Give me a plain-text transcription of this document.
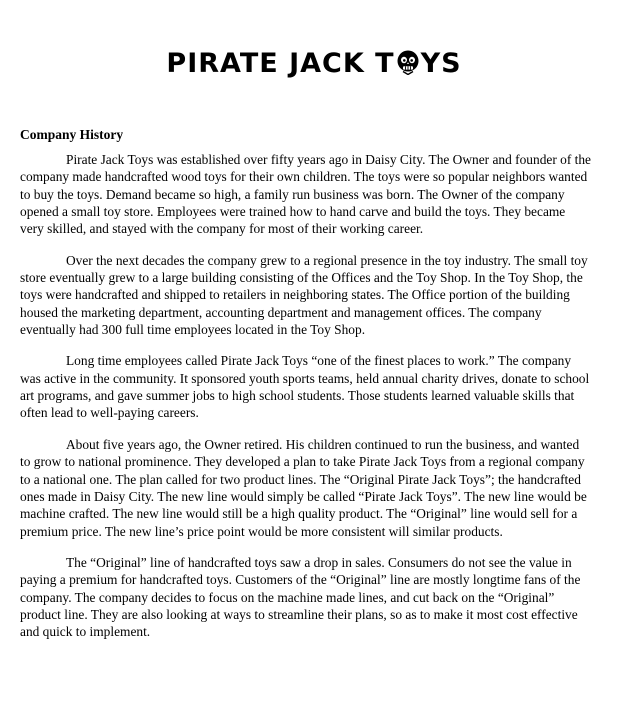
PIRATE JACK T YS
Company History

Pirate Jack Toys was established over fifty years ago in Daisy City. The Owner and founder of the company made handcrafted wood toys for their own children. The toys were so popular neighbors wanted to buy the toys. Demand became so high, a family run business was born. The Owner of the company opened a small toy store. Employees were trained how to hand carve and build the toys. They became very skilled, and stayed with the company for most of their working career.

Over the next decades the company grew to a regional presence in the toy industry. The small toy store eventually grew to a large building consisting of the Offices and the Toy Shop. In the Toy Shop, the toys were handcrafted and shipped to retailers in neighboring states. The Office portion of the building housed the marketing department, accounting department and management offices. The company eventually had 300 full time employees located in the Toy Shop.

Long time employees called Pirate Jack Toys “one of the finest places to work.” The company was active in the community. It sponsored youth sports teams, held annual charity drives, donate to school art programs, and gave summer jobs to high school students. Those students learned valuable skills that often lead to well-paying careers.

About five years ago, the Owner retired. His children continued to run the business, and wanted to grow to national prominence. They developed a plan to take Pirate Jack Toys from a regional company to a national one. The plan called for two product lines. The “Original Pirate Jack Toys”; the handcrafted ones made in Daisy City. The new line would simply be called “Pirate Jack Toys”. The new line would be machine crafted. The new line would still be a high quality product. The “Original” line would sell for a premium price. The new line’s price point would be more consistent will similar products.

The “Original” line of handcrafted toys saw a drop in sales. Consumers do not see the value in paying a premium for handcrafted toys. Customers of the “Original” line are mostly longtime fans of the company. The company decides to focus on the machine made lines, and cut back on the “Original” product line. They are also looking at ways to streamline their plans, so as to make it most cost effective and quick to implement.
